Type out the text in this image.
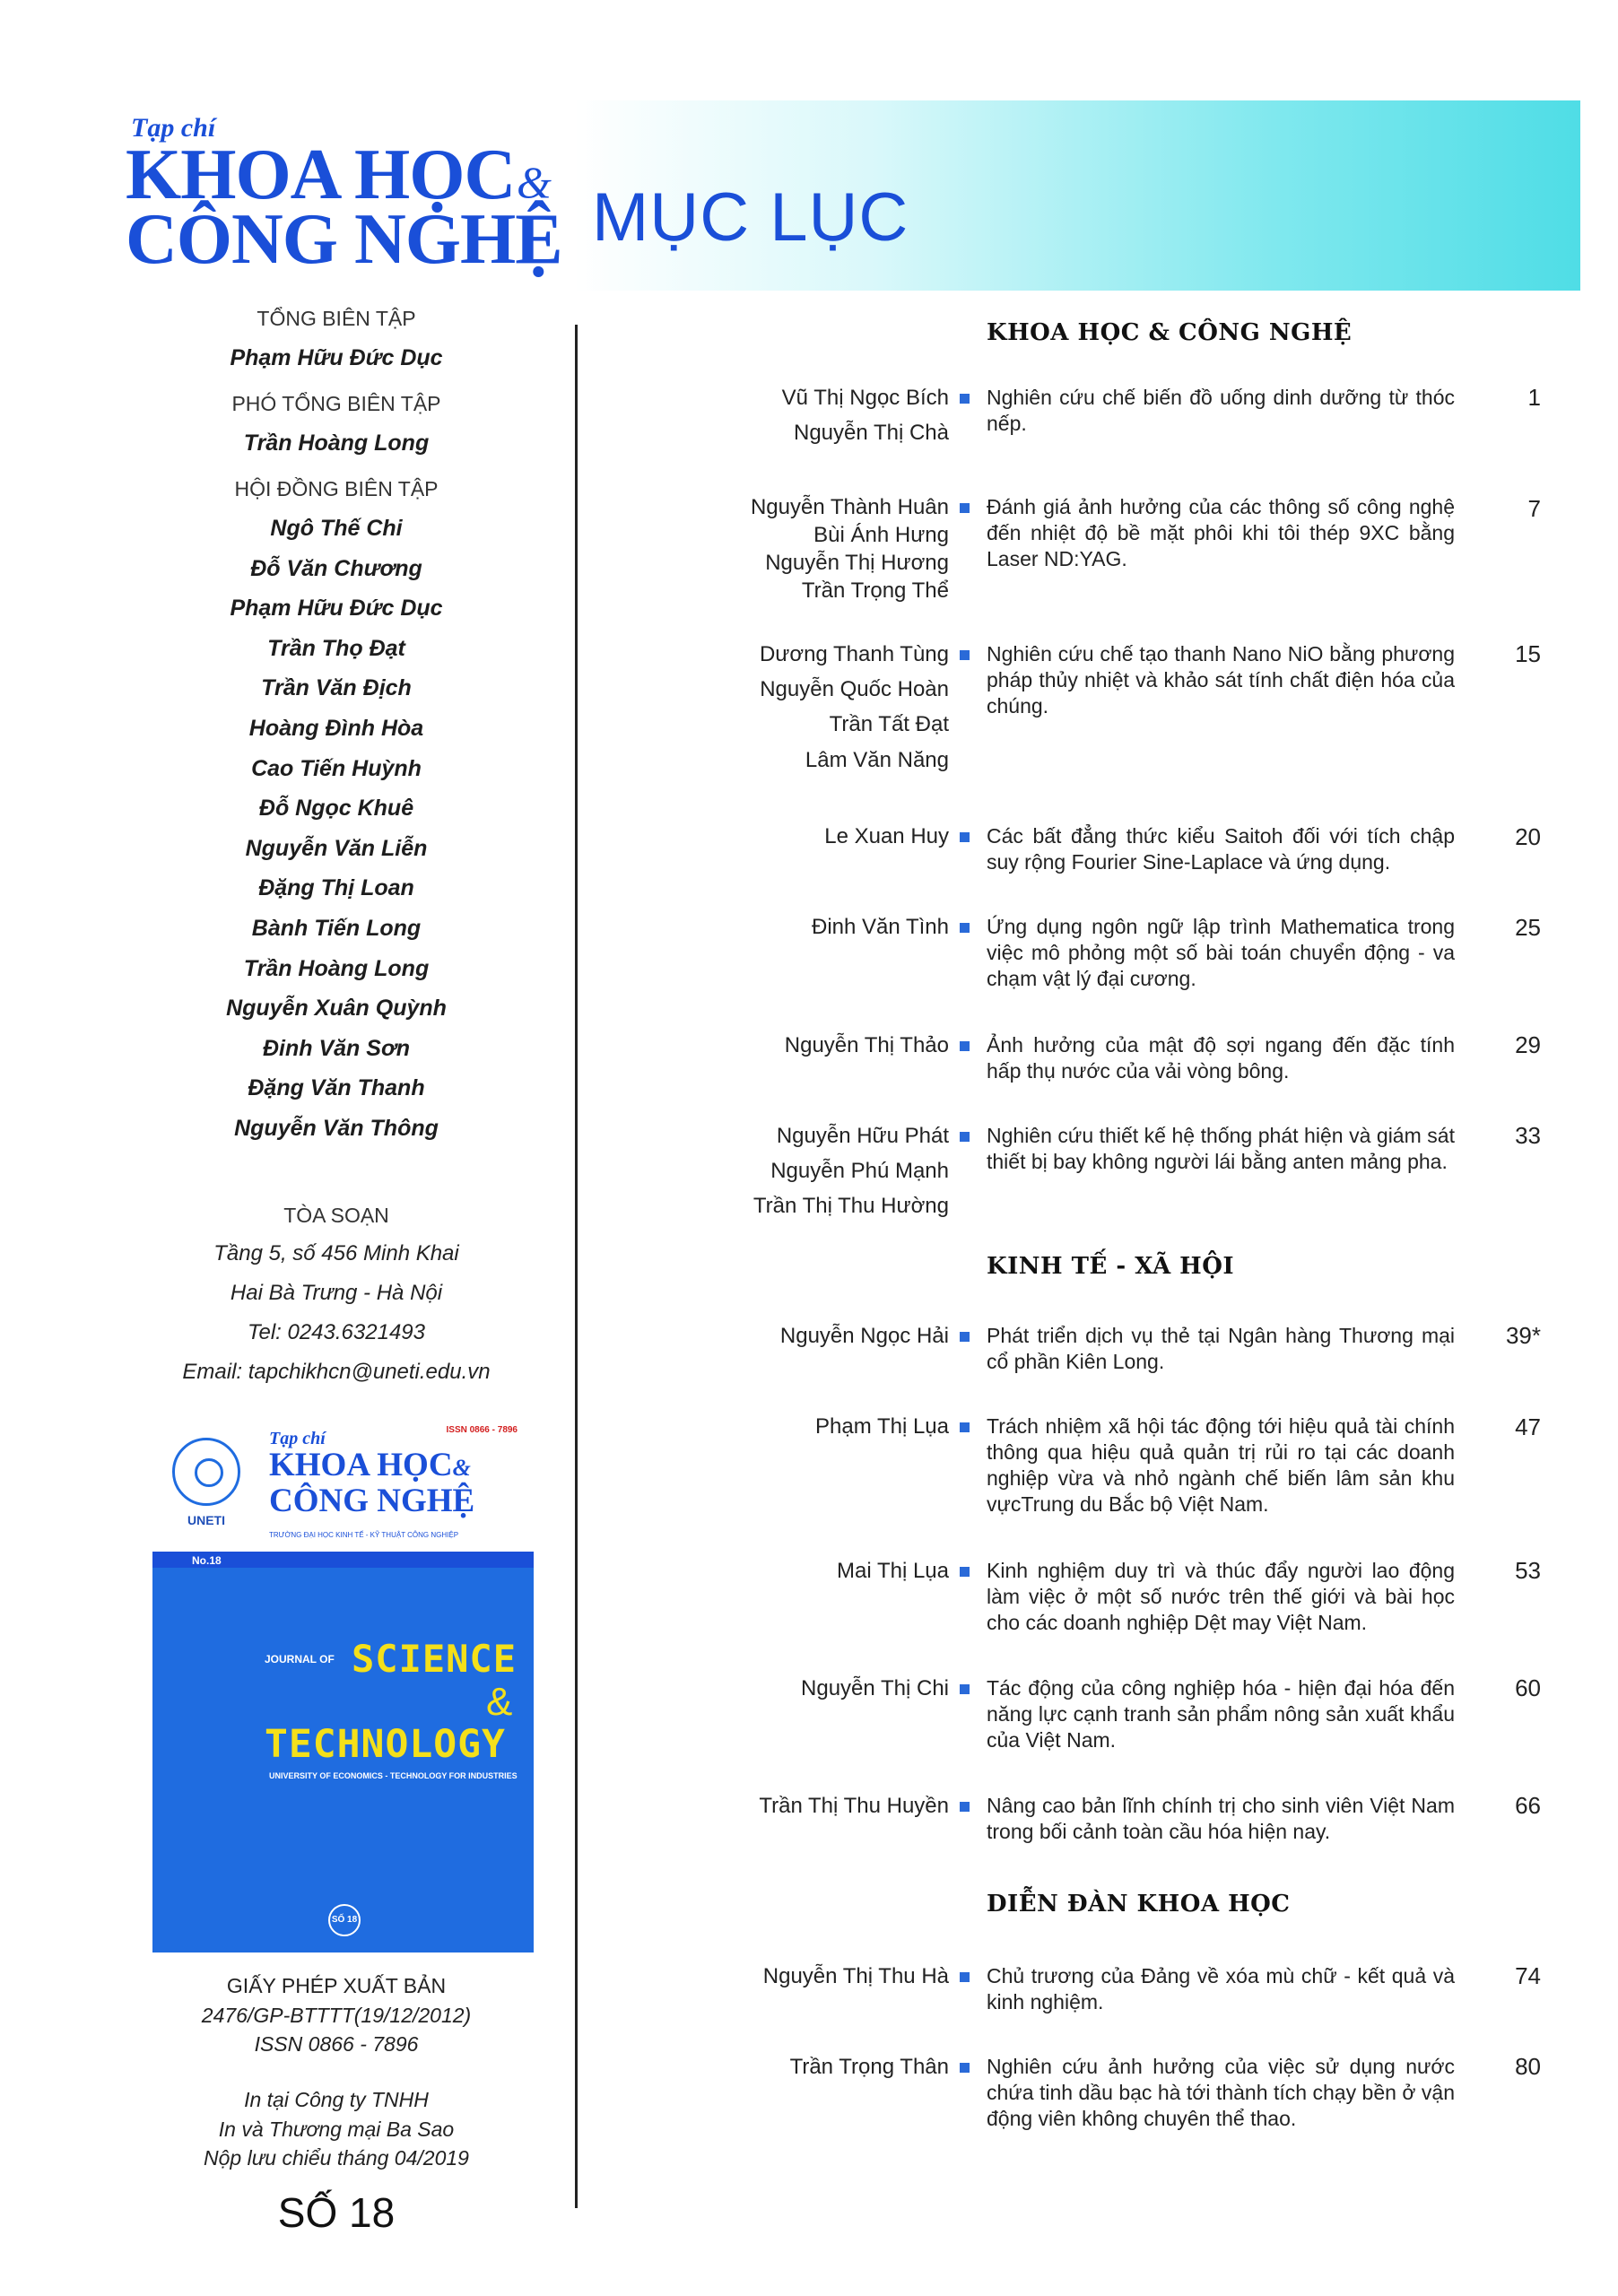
Tạp chí
KHOA HỌC &
CÔNG NGHỆ MỤC LỤC
TỔNG BIÊN TẬP
Phạm Hữu Đức Dục
PHÓ TỔNG BIÊN TẬP
Trần Hoàng Long
HỘI ĐỒNG BIÊN TẬP
Ngô Thế Chi
Đỗ Văn Chương
Phạm Hữu Đức Dục
Trần Thọ Đạt
Trần Văn Địch
Hoàng Đình Hòa
Cao Tiến Huỳnh
Đỗ Ngọc Khuê
Nguyễn Văn Liễn
Đặng Thị Loan
Bành Tiến Long
Trần Hoàng Long
Nguyễn Xuân Quỳnh
Đinh Văn Sơn
Đặng Văn Thanh
Nguyễn Văn Thông
TÒA SOẠN
Tầng 5, số 456 Minh Khai
Hai Bà Trưng - Hà Nội
Tel: 0243.6321493
Email: tapchikhcn@uneti.edu.vn
UNETI
ISSN 0866 - 7896
Tạp chí
KHOA HỌC&
CÔNG NGHỆ
TRƯỜNG ĐẠI HỌC KINH TẾ - KỸ THUẬT CÔNG NGHIỆP
No.18
JOURNAL OF SCIENCE
&
TECHNOLOGY
UNIVERSITY OF ECONOMICS - TECHNOLOGY FOR INDUSTRIES
SỐ 18
GIẤY PHÉP XUẤT BẢN
2476/GP-BTTTT(19/12/2012)
ISSN 0866 - 7896
In tại Công ty TNHH
In và Thương mại Ba Sao
Nộp lưu chiểu tháng 04/2019
SỐ 18
KHOA HỌC & CÔNG NGHỆ
KINH TẾ - XÃ HỘI
DIỄN ĐÀN KHOA HỌC
Vũ Thị Ngọc Bích
Nguyễn Thị Chà
Nghiên cứu chế biến đồ uống dinh dưỡng từ thóc nếp.
1
Nguyễn Thành Huân
Bùi Ánh Hưng
Nguyễn Thị Hương
Trần Trọng Thể
Đánh giá ảnh hưởng của các thông số công nghệ đến nhiệt độ bề mặt phôi khi tôi thép 9XC bằng Laser ND:YAG.
7
Dương Thanh Tùng
Nguyễn Quốc Hoàn
Trần Tất Đạt
Lâm Văn Năng
Nghiên cứu chế tạo thanh Nano NiO bằng phương pháp thủy nhiệt và khảo sát tính chất điện hóa của chúng.
15
Le Xuan Huy Các bất đẳng thức kiểu Saitoh đối với tích chập suy rộng Fourier Sine-Laplace và ứng dụng.
20
Đinh Văn Tình Ứng dụng ngôn ngữ lập trình Mathematica trong việc mô phỏng một số bài toán chuyển động - va chạm vật lý đại cương.
25
Nguyễn Thị Thảo Ảnh hưởng của mật độ sợi ngang đến đặc tính hấp thụ nước của vải vòng bông.
29
Nguyễn Hữu Phát
Nguyễn Phú Mạnh
Trần Thị Thu Hường
Nghiên cứu thiết kế hệ thống phát hiện và giám sát thiết bị bay không người lái bằng anten mảng pha.
33
Nguyễn Ngọc Hải Phát triển dịch vụ thẻ tại Ngân hàng Thương mại cổ phần Kiên Long.
39*
Phạm Thị Lụa Trách nhiệm xã hội tác động tới hiệu quả tài chính thông qua hiệu quả quản trị rủi ro tại các doanh nghiệp vừa và nhỏ ngành chế biến lâm sản khu vựcTrung du Bắc bộ Việt Nam.
47
Mai Thị Lụa Kinh nghiệm duy trì và thúc đẩy người lao động làm việc ở một số nước trên thế giới và bài học cho các doanh nghiệp Dệt may Việt Nam.
53
Nguyễn Thị Chi Tác động của công nghiệp hóa - hiện đại hóa đến năng lực cạnh tranh sản phẩm nông sản xuất khẩu của Việt Nam.
60
Trần Thị Thu Huyền Nâng cao bản lĩnh chính trị cho sinh viên Việt Nam trong bối cảnh toàn cầu hóa hiện nay.
66
Nguyễn Thị Thu Hà Chủ trương của Đảng về xóa mù chữ - kết quả và kinh nghiệm.
74
Trần Trọng Thân Nghiên cứu ảnh hưởng của việc sử dụng nước chứa tinh dầu bạc hà tới thành tích chạy bền ở vận động viên không chuyên thể thao.
80
